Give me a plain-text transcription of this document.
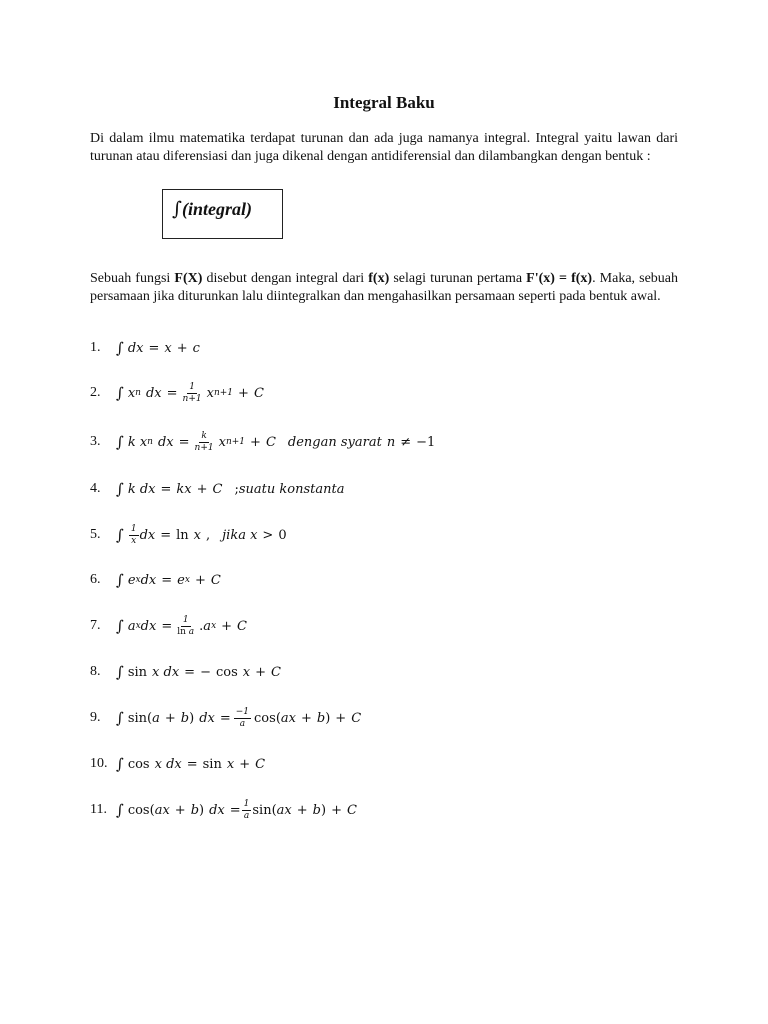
Integral Baku

Di dalam ilmu matematika terdapat turunan dan ada juga namanya integral. Integral yaitu lawan dari turunan atau diferensiasi dan juga dikenal dengan antidiferensial dan dilambangkan dengan bentuk :

∫ (integral)

Sebuah fungsi F(X) disebut dengan integral dari f(x) selagi turunan pertama F'(x) = f(x). Maka, sebuah persamaan jika diturunkan lalu diintegralkan dan mengahasilkan persamaan seperti pada bentuk awal.

1.	∫ dx = x + c
2.	∫ x n dx = $\frac{1}{n+1}$ x n+1 + C
3.	∫ k x n dx = $\frac{k}{n+1}$ x n+1 + C dengan syarat n ≠ −1
4.	∫ k dx = kx + C ; suatu konstanta
5.	∫ $\frac{1}{x}$ dx = ln x , jika x > 0
6.	∫ e x dx = e x + C
7.	∫ a x dx = $\frac{1}{\text{ln a}}$ . a x + C
8.	∫ sin x dx = − cos x + C
9.	∫ sin ( a + b ) dx = $\frac{-1}{a}$ cos ( ax + b ) + C
10. ∫ cos x dx = sin x + C
11. ∫ cos ( ax + b ) dx = $\frac{1}{a}$ sin ( ax + b ) + C
